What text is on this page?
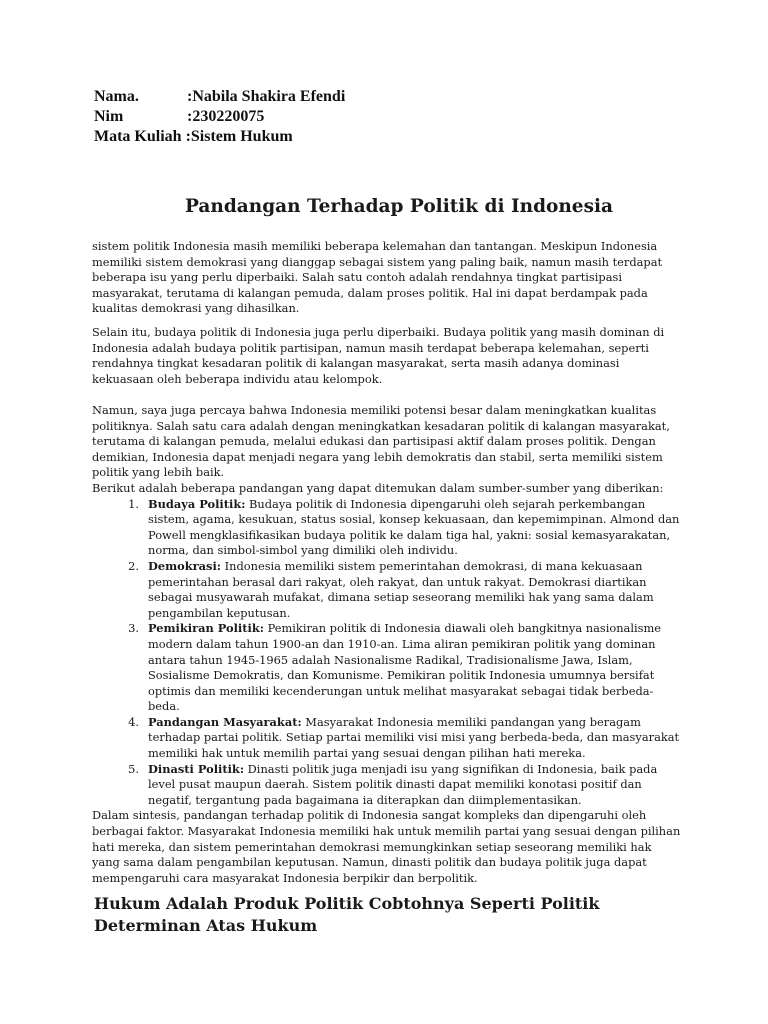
Nama.	:Nabila Shakira Efendi
Nim	:230220075
Mata Kuliah :Sistem Hukum
Pandangan Terhadap Politik di Indonesia

sistem politik Indonesia masih memiliki beberapa kelemahan dan tantangan. Meskipun Indonesia memiliki sistem demokrasi yang dianggap sebagai sistem yang paling baik, namun masih terdapat beberapa isu yang perlu diperbaiki. Salah satu contoh adalah rendahnya tingkat partisipasi masyarakat, terutama di kalangan pemuda, dalam proses politik. Hal ini dapat berdampak pada kualitas demokrasi yang dihasilkan.

Selain itu, budaya politik di Indonesia juga perlu diperbaiki. Budaya politik yang masih dominan di Indonesia adalah budaya politik partisipan, namun masih terdapat beberapa kelemahan, seperti rendahnya tingkat kesadaran politik di kalangan masyarakat, serta masih adanya dominasi kekuasaan oleh beberapa individu atau kelompok.

Namun, saya juga percaya bahwa Indonesia memiliki potensi besar dalam meningkatkan kualitas politiknya. Salah satu cara adalah dengan meningkatkan kesadaran politik di kalangan masyarakat, terutama di kalangan pemuda, melalui edukasi dan partisipasi aktif dalam proses politik. Dengan demikian, Indonesia dapat menjadi negara yang lebih demokratis dan stabil, serta memiliki sistem politik yang lebih baik.

Berikut adalah beberapa pandangan yang dapat ditemukan dalam sumber-sumber yang diberikan:

1. Budaya Politik: Budaya politik di Indonesia dipengaruhi oleh sejarah perkembangan sistem, agama, kesukuan, status sosial, konsep kekuasaan, dan kepemimpinan. Almond dan Powell mengklasifikasikan budaya politik ke dalam tiga hal, yakni: sosial kemasyarakatan, norma, dan simbol-simbol yang dimiliki oleh individu.
2. Demokrasi: Indonesia memiliki sistem pemerintahan demokrasi, di mana kekuasaan pemerintahan berasal dari rakyat, oleh rakyat, dan untuk rakyat. Demokrasi diartikan sebagai musyawarah mufakat, dimana setiap seseorang memiliki hak yang sama dalam pengambilan keputusan.
3. Pemikiran Politik: Pemikiran politik di Indonesia diawali oleh bangkitnya nasionalisme modern dalam tahun 1900-an dan 1910-an. Lima aliran pemikiran politik yang dominan antara tahun 1945-1965 adalah Nasionalisme Radikal, Tradisionalisme Jawa, Islam, Sosialisme Demokratis, dan Komunisme. Pemikiran politik Indonesia umumnya bersifat optimis dan memiliki kecenderungan untuk melihat masyarakat sebagai tidak berbeda-beda.
4. Pandangan Masyarakat: Masyarakat Indonesia memiliki pandangan yang beragam terhadap partai politik. Setiap partai memiliki visi misi yang berbeda-beda, dan masyarakat memiliki hak untuk memilih partai yang sesuai dengan pilihan hati mereka.
5. Dinasti Politik: Dinasti politik juga menjadi isu yang signifikan di Indonesia, baik pada level pusat maupun daerah. Sistem politik dinasti dapat memiliki konotasi positif dan negatif, tergantung pada bagaimana ia diterapkan dan diimplementasikan.

Dalam sintesis, pandangan terhadap politik di Indonesia sangat kompleks dan dipengaruhi oleh berbagai faktor. Masyarakat Indonesia memiliki hak untuk memilih partai yang sesuai dengan pilihan hati mereka, dan sistem pemerintahan demokrasi memungkinkan setiap seseorang memiliki hak yang sama dalam pengambilan keputusan. Namun, dinasti politik dan budaya politik juga dapat mempengaruhi cara masyarakat Indonesia berpikir dan berpolitik.

Hukum Adalah Produk Politik Cobtohnya Seperti Politik Determinan Atas Hukum
